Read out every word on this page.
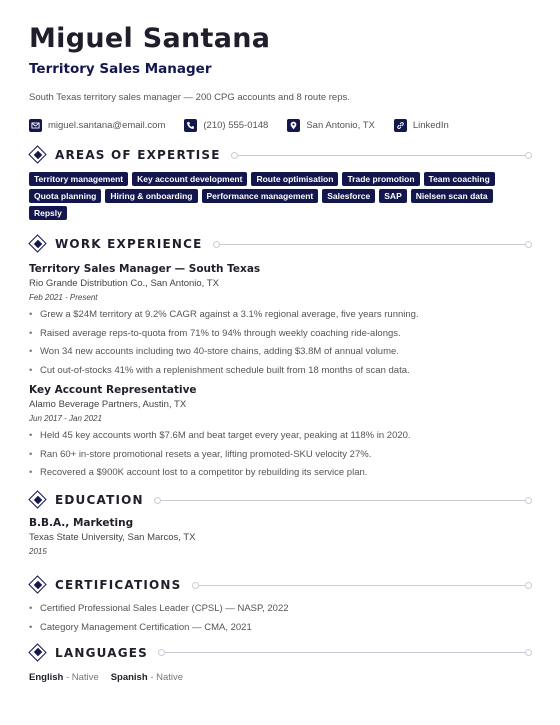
Miguel Santana
Territory Sales Manager
South Texas territory sales manager — 200 CPG accounts and 8 route reps.
miguel.santana@email.com	(210) 555-0148	San Antonio, TX	LinkedIn
AREAS OF EXPERTISE
Territory management	Key account development	Route optimisation	Trade promotion	Team coaching
Quota planning	Hiring & onboarding	Performance management	Salesforce	SAP	Nielsen scan data
Repsly
WORK EXPERIENCE
Territory Sales Manager — South Texas
Rio Grande Distribution Co., San Antonio, TX
Feb 2021 - Present
• Grew a $24M territory at 9.2% CAGR against a 3.1% regional average, five years running.
• Raised average reps-to-quota from 71% to 94% through weekly coaching ride-alongs.
• Won 34 new accounts including two 40-store chains, adding $3.8M of annual volume.
• Cut out-of-stocks 41% with a replenishment schedule built from 18 months of scan data.
Key Account Representative
Alamo Beverage Partners, Austin, TX
Jun 2017 - Jan 2021
• Held 45 key accounts worth $7.6M and beat target every year, peaking at 118% in 2020.
• Ran 60+ in-store promotional resets a year, lifting promoted-SKU velocity 27%.
• Recovered a $900K account lost to a competitor by rebuilding its service plan.
EDUCATION
B.B.A., Marketing
Texas State University, San Marcos, TX
2015
CERTIFICATIONS
• Certified Professional Sales Leader (CPSL) — NASP, 2022
• Category Management Certification — CMA, 2021
LANGUAGES
English - Native Spanish - Native
